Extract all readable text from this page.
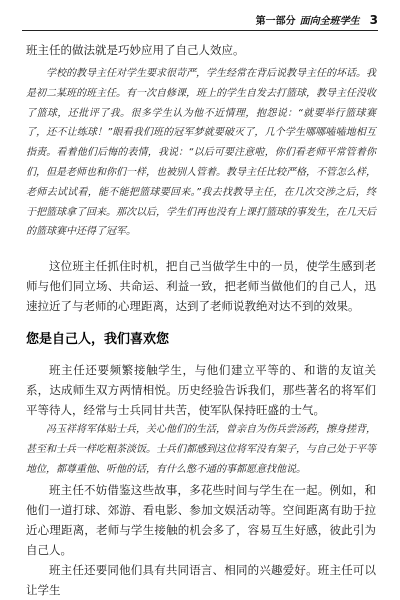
第一部分 面向全班学生 3

班主任的做法就是巧妙应用了自己人效应。

学校的教导主任对学生要求很苛严，学生经常在背后说教导主任的坏话。我是初二某班的班主任。有一次自修课，班上的学生自发去打篮球，教导主任没收了篮球，还批评了我。很多学生认为他不近情理，抱怨说：“就要举行篮球赛了，还不让练球！”眼看我们班的冠军梦就要破灭了，几个学生哪哪嗑嗑地相互指责。看着他们后悔的表情，我说：“以后可要注意啦，你们看老师平常管着你们，但是老师也和你们一样，也被别人管着。教导主任比较严格，不管怎么样，老师去试试看，能不能把篮球要回来。”我去找教导主任，在几次交涉之后，终于把篮球拿了回来。那次以后，学生们再也没有上课打篮球的事发生，在几天后的篮球赛中还得了冠军。

这位班主任抓住时机，把自己当做学生中的一员，使学生感到老师与他们同立场、共命运、利益一致，把老师当做他们的自己人，迅速拉近了与老师的心理距离，达到了老师说教绝对达不到的效果。

您是自己人，我们喜欢您

班主任还要频繁接触学生，与他们建立平等的、和谐的友谊关系，达成师生双方两情相悦。历史经验告诉我们，那些著名的将军们平等待人，经常与士兵同甘共苦，使军队保持旺盛的士气。

冯玉祥将军体贴士兵，关心他们的生活，曾亲自为伤兵尝汤药，擦身搓背，甚至和士兵一样吃粗茶淡饭。士兵们都感到这位将军没有架子，与自己处于平等地位，都尊重他、听他的话，有什么憋不通的事都愿意找他说。

班主任不妨借鉴这些故事，多花些时间与学生在一起。例如，和他们一道打球、郊游、看电影、参加文娱活动等。空间距离有助于拉近心理距离，老师与学生接触的机会多了，容易互生好感，彼此引为自己人。

班主任还要同他们具有共同语言、相同的兴趣爱好。班主任可以让学生
